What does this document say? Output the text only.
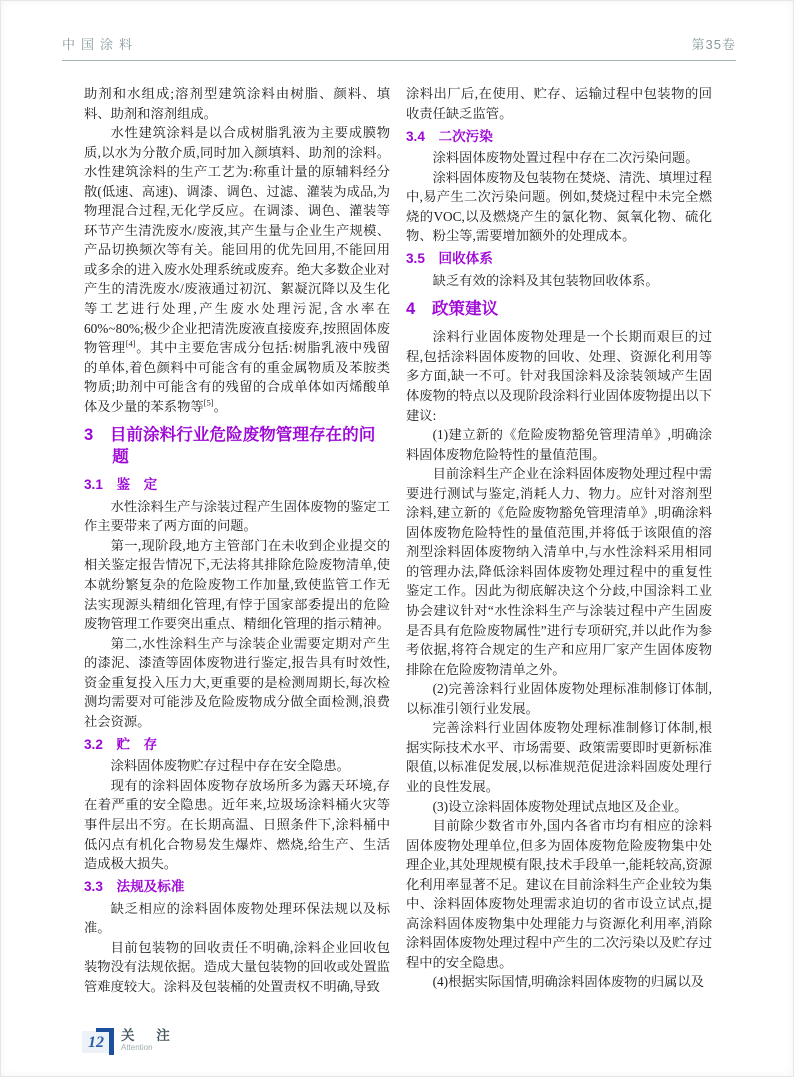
中国涂料	第35卷

助剂和水组成;溶剂型建筑涂料由树脂、颜料、填料、助剂和溶剂组成。

水性建筑涂料是以合成树脂乳液为主要成膜物质,以水为分散介质,同时加入颜填料、助剂的涂料。水性建筑涂料的生产工艺为:称重计量的原辅料经分散(低速、高速)、调漆、调色、过滤、灌装为成品,为物理混合过程,无化学反应。在调漆、调色、灌装等环节产生清洗废水/废液,其产生量与企业生产规模、产品切换频次等有关。能回用的优先回用,不能回用或多余的进入废水处理系统或废弃。绝大多数企业对产生的清洗废水/废液通过初沉、絮凝沉降以及生化等工艺进行处理,产生废水处理污泥,含水率在60%~80%;极少企业把清洗废液直接废弃,按照固体废物管理[4]。其中主要危害成分包括:树脂乳液中残留的单体,着色颜料中可能含有的重金属物质及苯胺类物质;助剂中可能含有的残留的合成单体如丙烯酸单体及少量的苯系物等[5]。

3　目前涂料行业危险废物管理存在的问题
3.1　鉴　定

水性涂料生产与涂装过程产生固体废物的鉴定工作主要带来了两方面的问题。

第一,现阶段,地方主管部门在未收到企业提交的相关鉴定报告情况下,无法将其排除危险废物清单,使本就纷繁复杂的危险废物工作加量,致使监管工作无法实现源头精细化管理,有悖于国家部委提出的危险废物管理工作要突出重点、精细化管理的指示精神。

第二,水性涂料生产与涂装企业需要定期对产生的漆泥、漆渣等固体废物进行鉴定,报告具有时效性,资金重复投入压力大,更重要的是检测周期长,每次检测均需要对可能涉及危险废物成分做全面检测,浪费社会资源。

3.2　贮　存

涂料固体废物贮存过程中存在安全隐患。

现有的涂料固体废物存放场所多为露天环境,存在着严重的安全隐患。近年来,垃圾场涂料桶火灾等事件层出不穷。在长期高温、日照条件下,涂料桶中低闪点有机化合物易发生爆炸、燃烧,给生产、生活造成极大损失。

3.3　法规及标准

缺乏相应的涂料固体废物处理环保法规以及标准。

目前包装物的回收责任不明确,涂料企业回收包装物没有法规依据。造成大量包装物的回收或处置监管难度较大。涂料及包装桶的处置责权不明确,导致

涂料出厂后,在使用、贮存、运输过程中包装物的回收责任缺乏监管。

3.4　二次污染

涂料固体废物处置过程中存在二次污染问题。

涂料固体废物及包装物在焚烧、清洗、填埋过程中,易产生二次污染问题。例如,焚烧过程中未完全燃烧的VOC,以及燃烧产生的氯化物、氮氧化物、硫化物、粉尘等,需要增加额外的处理成本。

3.5　回收体系

缺乏有效的涂料及其包装物回收体系。

4　政策建议

涂料行业固体废物处理是一个长期而艰巨的过程,包括涂料固体废物的回收、处理、资源化利用等多方面,缺一不可。针对我国涂料及涂装领域产生固体废物的特点以及现阶段涂料行业固体废物提出以下建议:

(1)建立新的《危险废物豁免管理清单》,明确涂料固体废物危险特性的量值范围。

目前涂料生产企业在涂料固体废物处理过程中需要进行测试与鉴定,消耗人力、物力。应针对溶剂型涂料,建立新的《危险废物豁免管理清单》,明确涂料固体废物危险特性的量值范围,并将低于该限值的溶剂型涂料固体废物纳入清单中,与水性涂料采用相同的管理办法,降低涂料固体废物处理过程中的重复性鉴定工作。因此为彻底解决这个分歧,中国涂料工业协会建议针对“水性涂料生产与涂装过程中产生固废是否具有危险废物属性”进行专项研究,并以此作为参考依据,将符合规定的生产和应用厂家产生固体废物排除在危险废物清单之外。

(2)完善涂料行业固体废物处理标准制修订体制,以标准引领行业发展。

完善涂料行业固体废物处理标准制修订体制,根据实际技术水平、市场需要、政策需要即时更新标准限值,以标准促发展,以标准规范促进涂料固废处理行业的良性发展。

(3)设立涂料固体废物处理试点地区及企业。

目前除少数省市外,国内各省市均有相应的涂料固体废物处理单位,但多为固体废物危险废物集中处理企业,其处理规模有限,技术手段单一,能耗较高,资源化利用率显著不足。建议在目前涂料生产企业较为集中、涂料固体废物处理需求迫切的省市设立试点,提高涂料固体废物集中处理能力与资源化利用率,消除涂料固体废物处理过程中产生的二次污染以及贮存过程中的安全隐患。

(4)根据实际国情,明确涂料固体废物的归属以及

12	关 注
Attention
